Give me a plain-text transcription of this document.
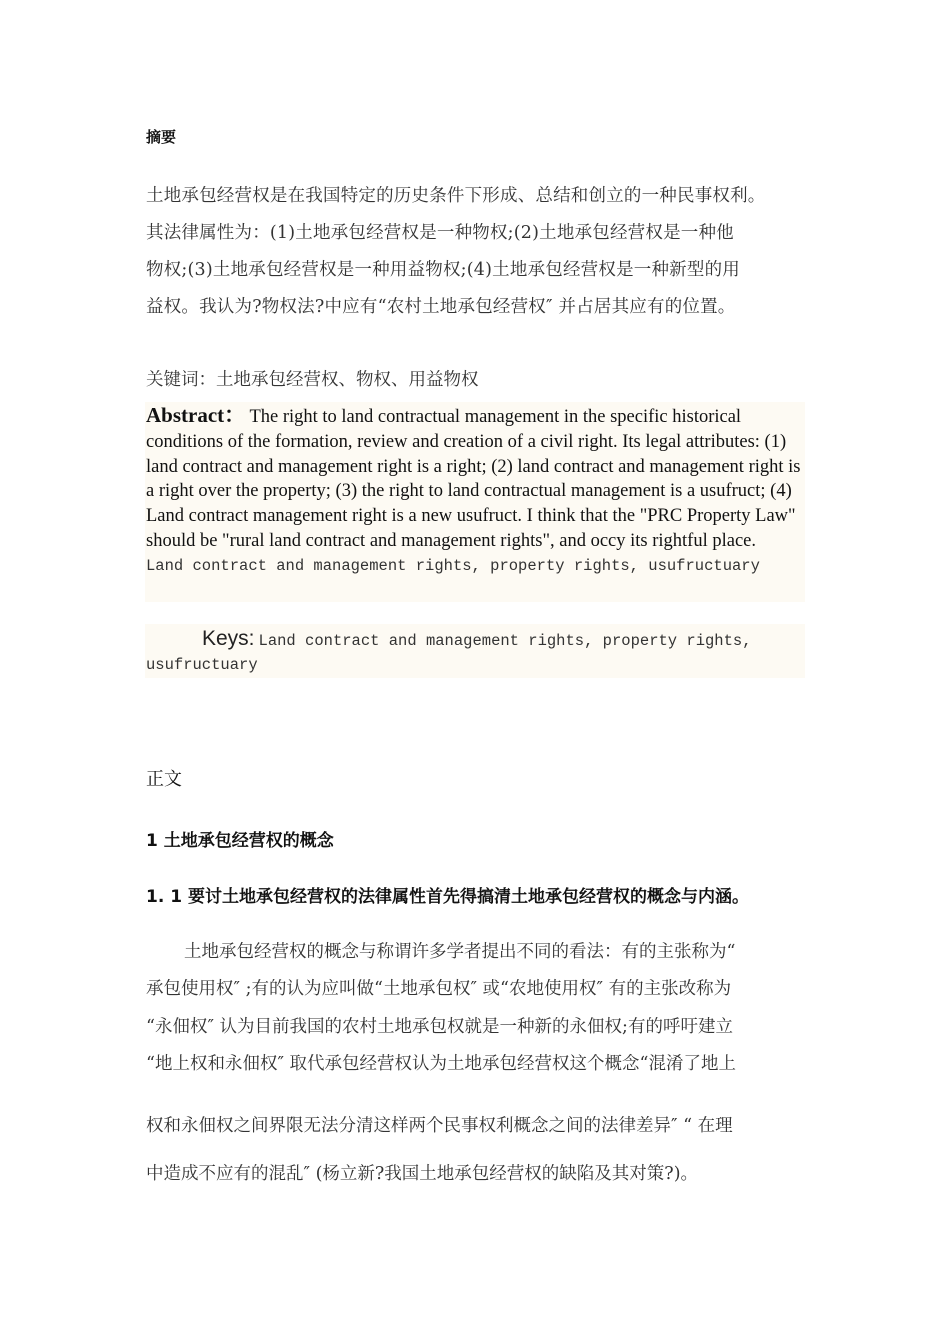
摘要

土地承包经营权是在我国特定的历史条件下形成、总结和创立的一种民事权利。

其法律属性为：(1)土地承包经营权是一种物权;(2)土地承包经营权是一种他

物权;(3)土地承包经营权是一种用益物权;(4)土地承包经营权是一种新型的用

益权。我认为?物权法?中应有“农村土地承包经营权″ 并占居其应有的位置。

关键词：土地承包经营权、物权、用益物权
Abstract： The right to land contractual management in the specific historical conditions of the formation, review and creation of a civil right. Its legal attributes: (1) land contract and management right is a right; (2) land contract and management right is a right over the property; (3) the right to land contractual management is a usufruct; (4) Land contract management right is a new usufruct. I think that the "PRC Property Law" should be "rural land contract and management rights", and occy its rightful place.
Land contract and management rights, property rights, usufructuary
Keys: Land contract and management rights, property rights, usufructuary
正文
1 土地承包经营权的概念
1. 1 要讨土地承包经营权的法律属性首先得搞清土地承包经营权的概念与内涵。
土地承包经营权的概念与称谓许多学者提出不同的看法：有的主张称为“
承包使用权″ ;有的认为应叫做“土地承包权″ 或“农地使用权″ 有的主张改称为
“永佃权″ 认为目前我国的农村土地承包权就是一种新的永佃权;有的呼吁建立
“地上权和永佃权″ 取代承包经营权认为土地承包经营权这个概念“混淆了地上
权和永佃权之间界限无法分清这样两个民事权利概念之间的法律差异″ “ 在理
中造成不应有的混乱″ (杨立新?我国土地承包经营权的缺陷及其对策?)。
